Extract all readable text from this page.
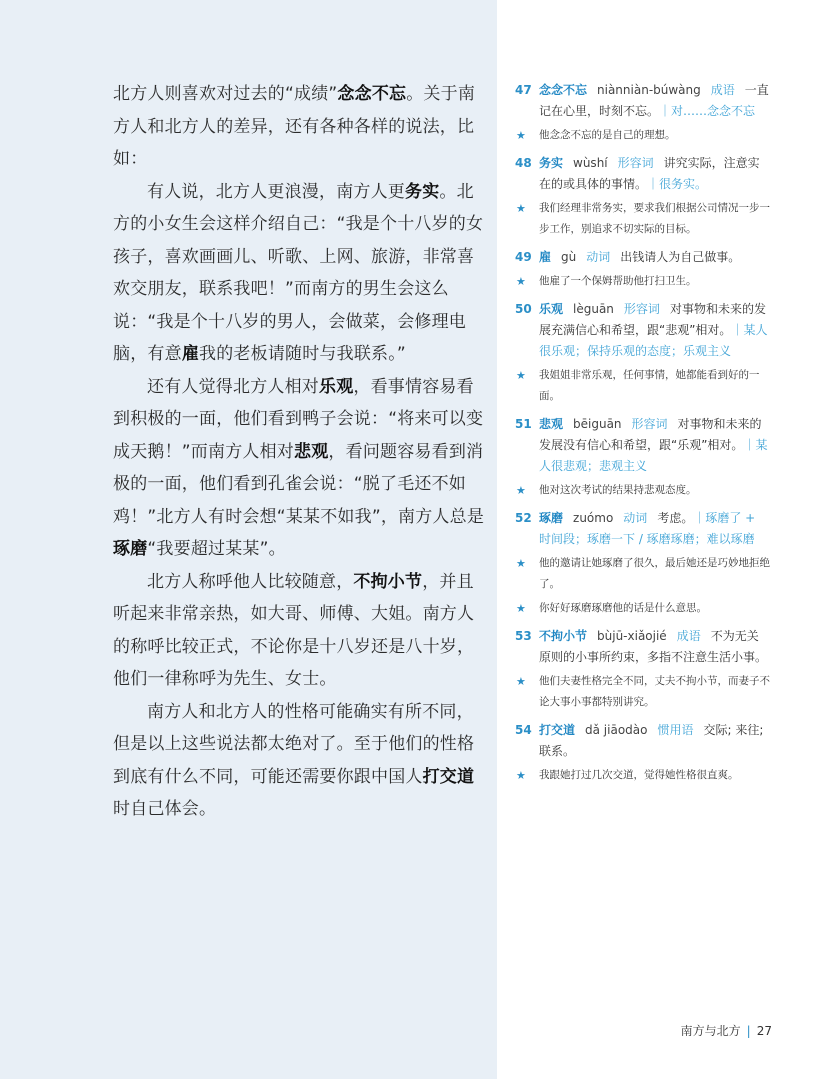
北方人则喜欢对过去的“成绩”念念不忘。关于南方人和北方人的差异，还有各种各样的说法，比如：

有人说，北方人更浪漫，南方人更务实。北方的小女生会这样介绍自己：“我是个十八岁的女孩子，喜欢画画儿、听歌、上网、旅游，非常喜欢交朋友，联系我吧！”而南方的男生会这么说：“我是个十八岁的男人，会做菜，会修理电脑，有意雇我的老板请随时与我联系。”

还有人觉得北方人相对乐观，看事情容易看到积极的一面，他们看到鸭子会说：“将来可以变成天鹅！”而南方人相对悲观，看问题容易看到消极的一面，他们看到孔雀会说：“脱了毛还不如鸡！”北方人有时会想“某某不如我”，南方人总是琢磨“我要超过某某”。

北方人称呼他人比较随意，不拘小节，并且听起来非常亲热，如大哥、师傅、大姐。南方人的称呼比较正式，不论你是十八岁还是八十岁，他们一律称呼为先生、女士。

南方人和北方人的性格可能确实有所不同，但是以上这些说法都太绝对了。至于他们的性格到底有什么不同，可能还需要你跟中国人打交道时自己体会。

47 念念不忘 niànniàn-búwàng 成语 一直记在心里，时刻不忘。｜对……念念不忘
★ 他念念不忘的是自己的理想。
48 务实 wùshí 形容词 讲究实际，注意实在的或具体的事情。｜很务实。
★ 我们经理非常务实，要求我们根据公司情况一步一步工作，别追求不切实际的目标。
49 雇 gù 动词 出钱请人为自己做事。
★ 他雇了一个保姆帮助他打扫卫生。
50 乐观 lèguān 形容词 对事物和未来的发展充满信心和希望，跟“悲观”相对。｜某人很乐观；保持乐观的态度；乐观主义
★ 我姐姐非常乐观，任何事情，她都能看到好的一面。
51 悲观 bēiguān 形容词 对事物和未来的发展没有信心和希望，跟“乐观”相对。｜某人很悲观；悲观主义
★ 他对这次考试的结果持悲观态度。
52 琢磨 zuómo 动词 考虑。｜琢磨了 + 时间段；琢磨一下 / 琢磨琢磨；难以琢磨
★ 他的邀请让她琢磨了很久，最后她还是巧妙地拒绝了。
★ 你好好琢磨琢磨他的话是什么意思。
53 不拘小节 bùjū-xiǎojié 成语 不为无关原则的小事所约束，多指不注意生活小事。
★ 他们夫妻性格完全不同，丈夫不拘小节，而妻子不论大事小事都特别讲究。
54 打交道 dǎ jiāodào 惯用语 交际; 来往; 联系。
★ 我跟她打过几次交道，觉得她性格很直爽。
南方与北方 | 27
